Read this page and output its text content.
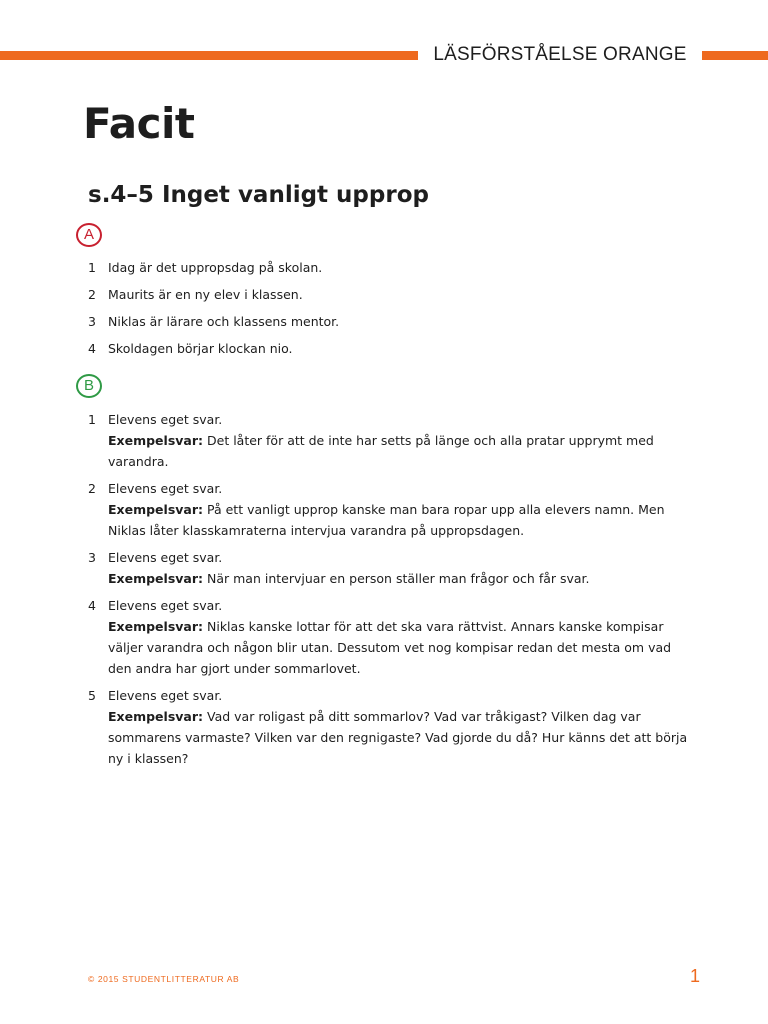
LÄSFÖRSTÅELSE ORANGE
Facit
s.4–5 Inget vanligt upprop
A
1 Idag är det uppropsdag på skolan.
2 Maurits är en ny elev i klassen.
3 Niklas är lärare och klassens mentor.
4 Skoldagen börjar klockan nio.
B
1 Elevens eget svar.
Exempelsvar: Det låter för att de inte har setts på länge och alla pratar upprymt med varandra.
2 Elevens eget svar.
Exempelsvar: På ett vanligt upprop kanske man bara ropar upp alla elevers namn. Men Niklas låter klasskamraterna intervjua varandra på uppropsdagen.
3 Elevens eget svar.
Exempelsvar: När man intervjuar en person ställer man frågor och får svar.
4 Elevens eget svar.
Exempelsvar: Niklas kanske lottar för att det ska vara rättvist. Annars kanske kompisar väljer varandra och någon blir utan. Dessutom vet nog kompisar redan det mesta om vad den andra har gjort under sommarlovet.
5 Elevens eget svar.
Exempelsvar: Vad var roligast på ditt sommarlov? Vad var tråkigast? Vilken dag var sommarens varmaste? Vilken var den regnigaste? Vad gjorde du då? Hur känns det att börja ny i klassen?
© 2015 STUDENTLITTERATUR AB	1
